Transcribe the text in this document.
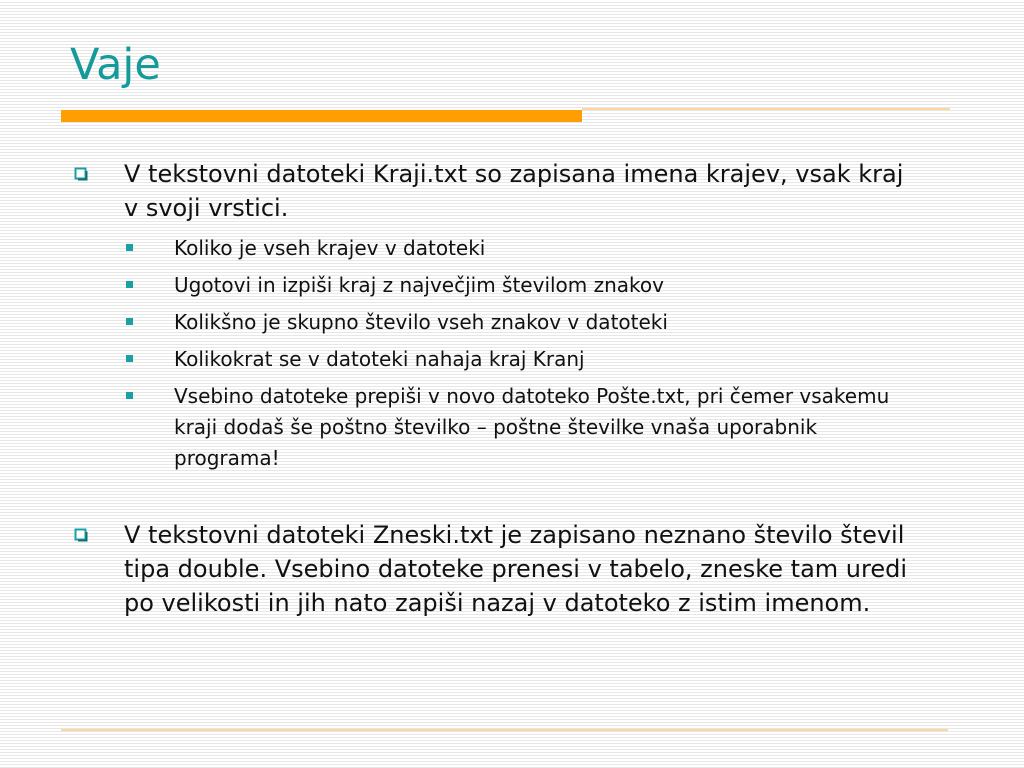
Vaje
V tekstovni datoteki Kraji.txt so zapisana imena krajev, vsak kraj v svoji vrstici.
Koliko je vseh krajev v datoteki
Ugotovi in izpiši kraj z največjim številom znakov
Kolikšno je skupno število vseh znakov v datoteki
Kolikokrat se v datoteki nahaja kraj Kranj
Vsebino datoteke prepiši v novo datoteko Pošte.txt, pri čemer vsakemu kraji dodaš še poštno številko – poštne številke vnaša uporabnik programa!
V tekstovni datoteki Zneski.txt je zapisano neznano število števil tipa double. Vsebino datoteke prenesi v tabelo, zneske tam uredi po velikosti in jih nato zapiši nazaj v datoteko z istim imenom.
